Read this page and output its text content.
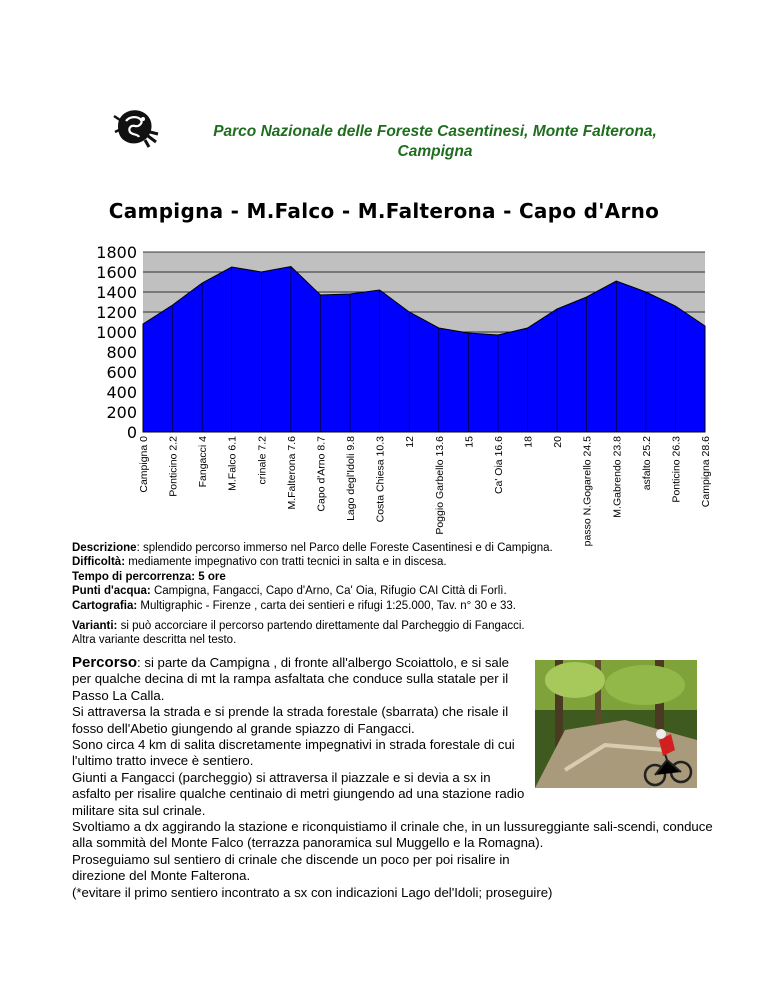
Parco Nazionale delle Foreste Casentinesi, Monte Falterona,
Campigna
Campigna - M.Falco - M.Falterona - Capo d'Arno
1800
1600
1400
1200
1000
800
600
400
200
0
Campigna 0 Ponticino 2.2 Fangacci 4 M.Falco 6.1 crinale 7.2 M.Falterona 7.6 Capo d'Arno 8.7 Lago degl'Idoli 9.8 Costa Chiesa 10.3 12 Poggio Garbello 13.6 15 Ca' Oia 16.6 18 20 passo N.Gogarello 24.5 M.Gabrendo 23.8 asfalto 25.2 Ponticino 26.3 Campigna 28.6

Descrizione: splendido percorso immerso nel Parco delle Foreste Casentinesi e di Campigna.

Difficoltà: mediamente impegnativo con tratti tecnici in salta e in discesa.

Tempo di percorrenza: 5 ore

Punti d'acqua: Campigna, Fangacci, Capo d'Arno, Ca' Oia, Rifugio CAI Città di Forlì.

Cartografia: Multigraphic - Firenze , carta dei sentieri e rifugi 1:25.000, Tav. n° 30 e 33.

Varianti: si può accorciare il percorso partendo direttamente dal Parcheggio di Fangacci.

Altra variante descritta nel testo.

Percorso: si parte da Campigna , di fronte all'albergo Scoiattolo, e si sale per qualche decina di mt la rampa asfaltata che conduce sulla statale per il Passo La Calla.

Si attraversa la strada e si prende la strada forestale (sbarrata) che risale il fosso dell'Abetio giungendo al grande spiazzo di Fangacci.

Sono circa 4 km di salita discretamente impegnativi in strada forestale di cui l'ultimo tratto invece è sentiero.

Giunti a Fangacci (parcheggio) si attraversa il piazzale e si devia a sx in asfalto per risalire qualche centinaio di metri giungendo ad una stazione radio militare sita sul crinale.

Svoltiamo a dx aggirando la stazione e riconquistiamo il crinale che, in un lussureggiante sali-scendi, conduce alla sommità del Monte Falco (terrazza panoramica sul Muggello e la Romagna).

Proseguiamo sul sentiero di crinale che discende un poco per poi risalire in direzione del Monte Falterona.

(*evitare il primo sentiero incontrato a sx con indicazioni Lago del'Idoli; proseguire)
